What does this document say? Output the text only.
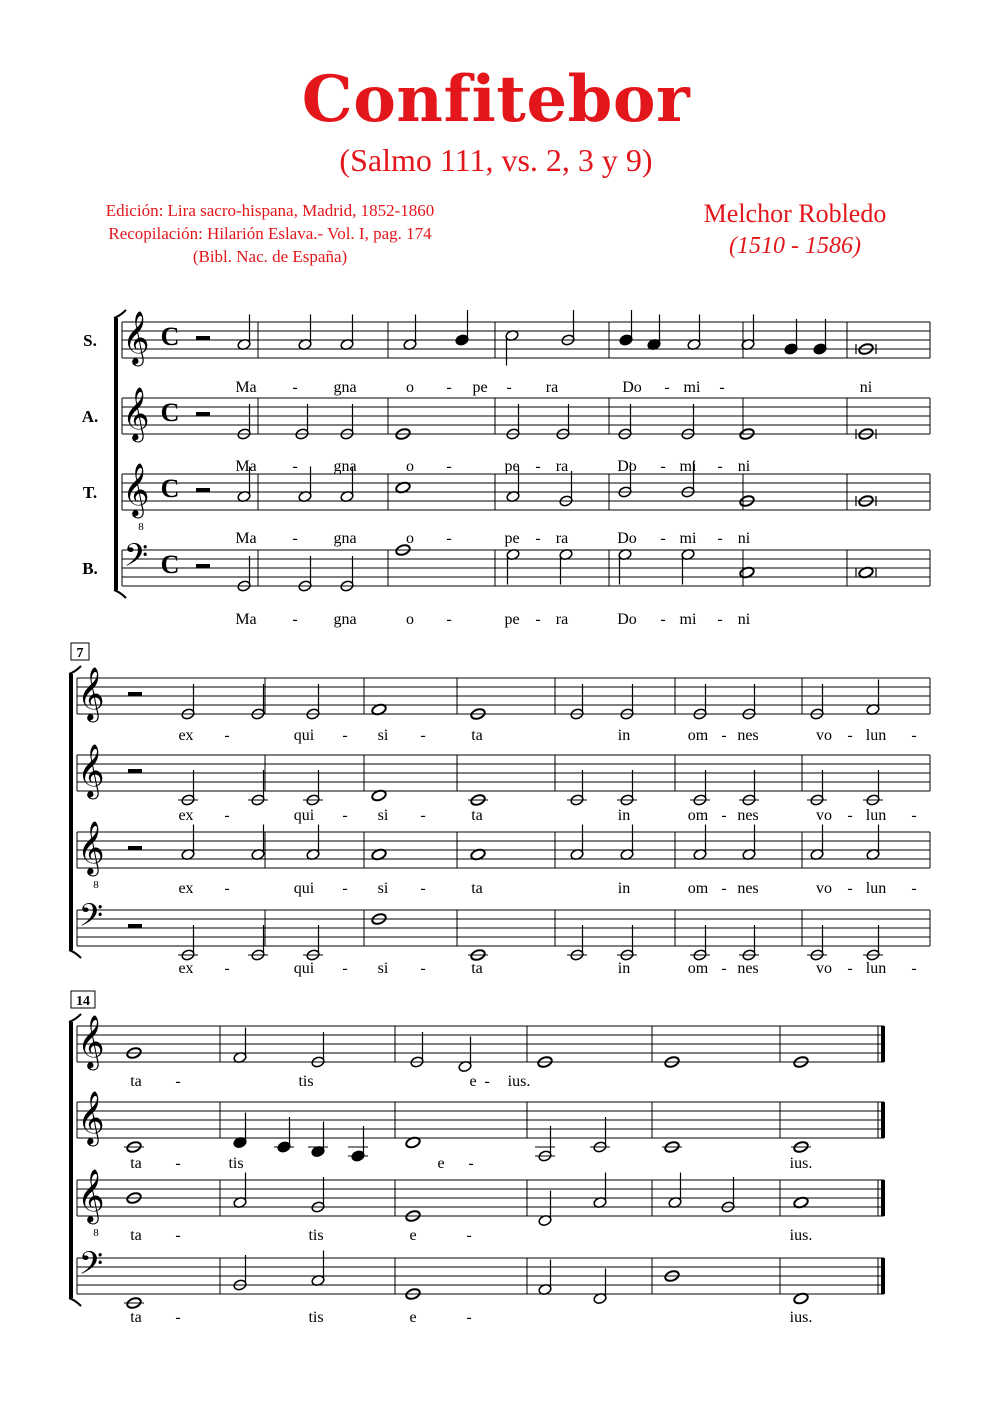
Confitebor
(Salmo 111, vs. 2, 3 y 9)
Edición: Lira sacro-hispana, Madrid, 1852-1860
Recopilación: Hilarión Eslava.- Vol. I, pag. 174
(Bibl. Nac. de España)
Melchor Robledo
(1510 - 1586)
𝄞 C
S.
Ma - gna	o - pe - ra	Do - mi -	ni
𝄞 C
A.
Ma - gna	o -	pe - ra	Do - mi - ni
𝄞
8
C
T.
Ma - gna	o -	pe - ra	Do - mi - ni
𝄢 C
B.
Ma - gna	o -	pe - ra	Do - mi - ni
7
𝄞
ex -	qui - si -	ta	in	om - nes	vo - lun -
𝄞
ex -	qui - si -	ta	in	om - nes	vo - lun -
𝄞
8	ex -	qui - si -	ta	in	om - nes	vo - lun -
𝄢
ex -	qui - si -	ta	in	om - nes	vo - lun -
14
𝄞
ta -	tis	e - ius.
𝄞
ta -	tis	e -	ius.
𝄞
8 ta -	tis	e	-	ius.
𝄢
ta -	tis	e	-	ius.
